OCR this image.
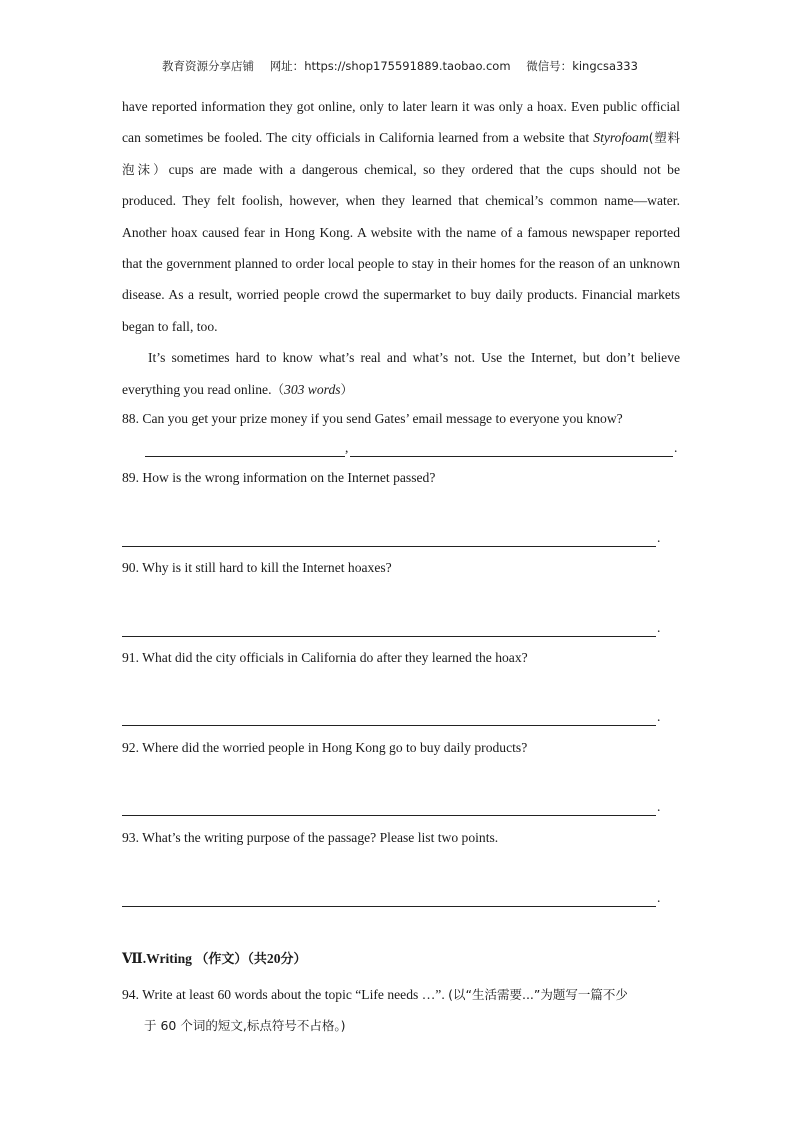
教育资源分享店铺 网址：https://shop175591889.taobao.com 微信号：kingcsa333

have reported information they got online, only to later learn it was only a hoax. Even public official can sometimes be fooled. The city officials in California learned from a website that Styrofoam(塑料泡沫）cups are made with a dangerous chemical, so they ordered that the cups should not be produced. They felt foolish, however, when they learned that chemical’s common name—water. Another hoax caused fear in Hong Kong. A website with the name of a famous newspaper reported that the government planned to order local people to stay in their homes for the reason of an unknown disease. As a result, worried people crowd the supermarket to buy daily products. Financial markets began to fall, too.

It’s sometimes hard to know what’s real and what’s not. Use the Internet, but don’t believe everything you read online.（303 words）

88. Can you get your prize money if you send Gates’ email message to everyone you know?
,	.
89. How is the wrong information on the Internet passed?
.
90. Why is it still hard to kill the Internet hoaxes?
.
91. What did the city officials in California do after they learned the hoax?
.
92. Where did the worried people in Hong Kong go to buy daily products?
.
93. What’s the writing purpose of the passage? Please list two points.
.
Ⅶ.Writing （作文）（共20分）
94. Write at least 60 words about the topic “Life needs …”. (以“生活需要...”为题写一篇不少
于 60 个词的短文,标点符号不占格。)
